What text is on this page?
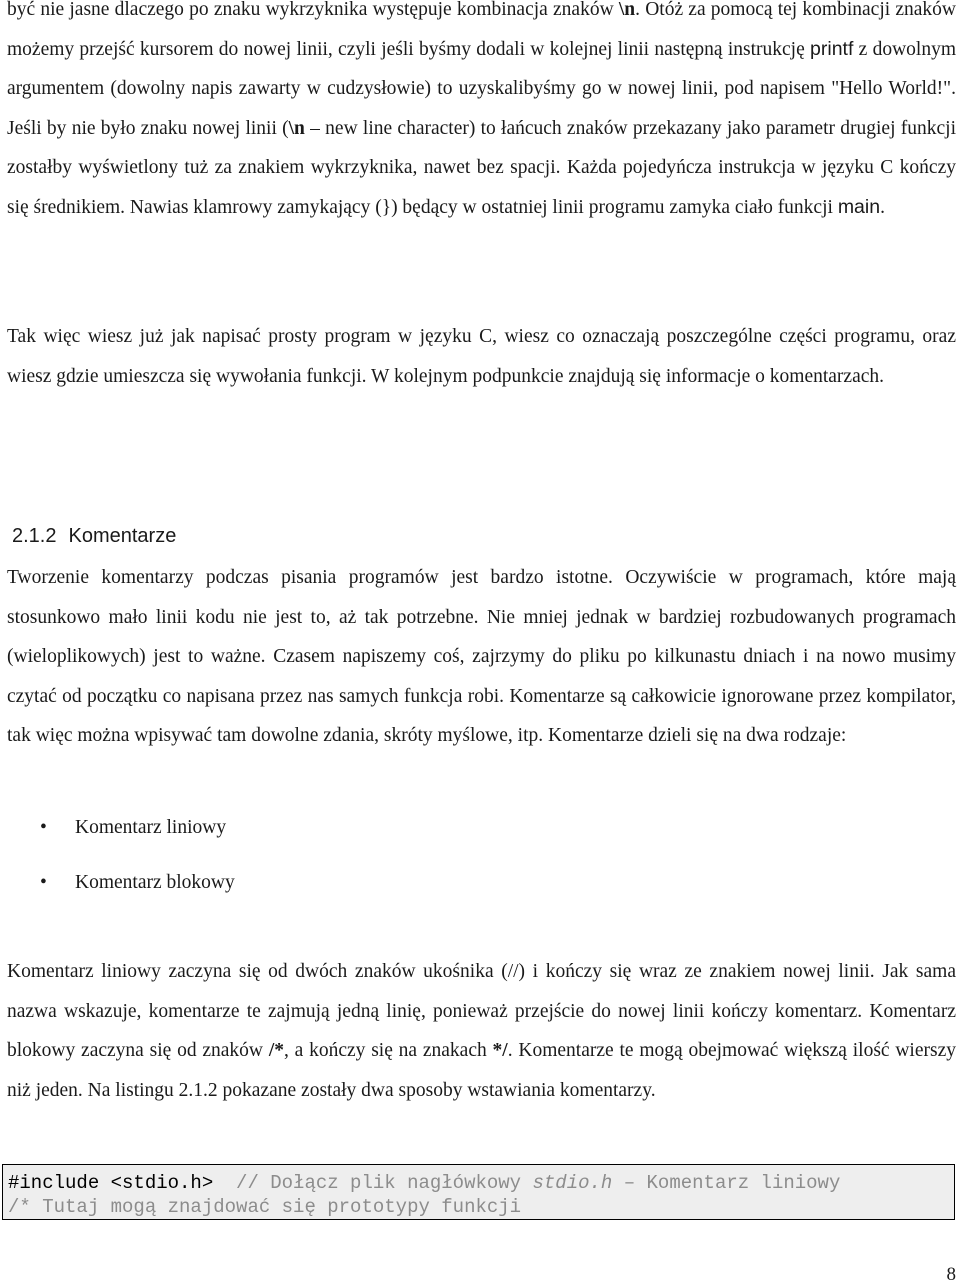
być nie jasne dlaczego po znaku wykrzyknika występuje kombinacja znaków \n. Otóż za pomocą tej kombinacji znaków możemy przejść kursorem do nowej linii, czyli jeśli byśmy dodali w kolejnej linii następną instrukcję printf z dowolnym argumentem (dowolny napis zawarty w cudzysłowie) to uzyskalibyśmy go w nowej linii, pod napisem "Hello World!". Jeśli by nie było znaku nowej linii (\n – new line character) to łańcuch znaków przekazany jako parametr drugiej funkcji zostałby wyświetlony tuż za znakiem wykrzyknika, nawet bez spacji. Każda pojedyńcza instrukcja w języku C kończy się średnikiem. Nawias klamrowy zamykający (}) będący w ostatniej linii programu zamyka ciało funkcji main.

Tak więc wiesz już jak napisać prosty program w języku C, wiesz co oznaczają poszczególne części programu, oraz wiesz gdzie umieszcza się wywołania funkcji. W kolejnym podpunkcie znajdują się informacje o komentarzach.

2.1.2 Komentarze

Tworzenie komentarzy podczas pisania programów jest bardzo istotne. Oczywiście w programach, które mają stosunkowo mało linii kodu nie jest to, aż tak potrzebne. Nie mniej jednak w bardziej rozbudowanych programach (wieloplikowych) jest to ważne. Czasem napiszemy coś, zajrzymy do pliku po kilkunastu dniach i na nowo musimy czytać od początku co napisana przez nas samych funkcja robi. Komentarze są całkowicie ignorowane przez kompilator, tak więc można wpisywać tam dowolne zdania, skróty myślowe, itp. Komentarze dzieli się na dwa rodzaje:

• Komentarz liniowy
• Komentarz blokowy

Komentarz liniowy zaczyna się od dwóch znaków ukośnika (//) i kończy się wraz ze znakiem nowej linii. Jak sama nazwa wskazuje, komentarze te zajmują jedną linię, ponieważ przejście do nowej linii kończy komentarz. Komentarz blokowy zaczyna się od znaków /*, a kończy się na znakach */. Komentarze te mogą obejmować większą ilość wierszy niż jeden. Na listingu 2.1.2 pokazane zostały dwa sposoby wstawiania komentarzy.

#include <stdio.h>  // Dołącz plik nagłówkowy stdio.h – Komentarz liniowy
/* Tutaj mogą znajdować się prototypy funkcji
8
